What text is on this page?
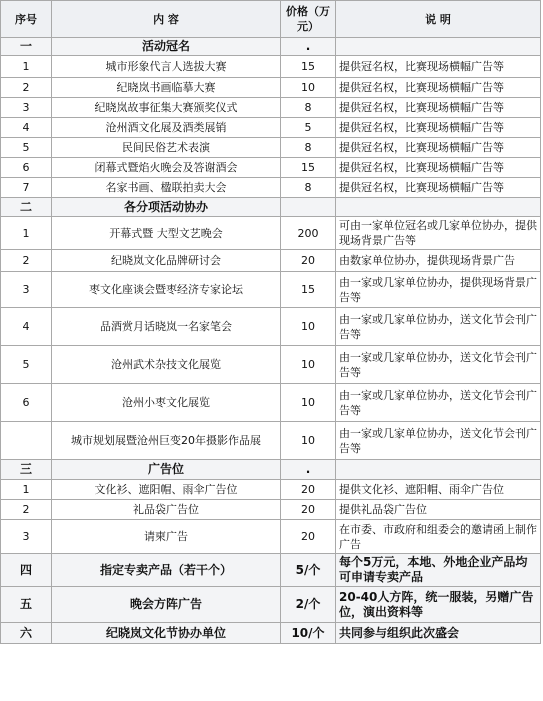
序号	内 容	价格（万元）	说 明
一	活动冠名	.	
1	城市形象代言人选拔大赛	15	提供冠名权，比赛现场横幅广告等
2	纪晓岚书画临摹大赛	10	提供冠名权，比赛现场横幅广告等
3	纪晓岚故事征集大赛颁奖仪式	8	提供冠名权，比赛现场横幅广告等
4	沧州酒文化展及酒类展销	5	提供冠名权，比赛现场横幅广告等
5	民间民俗艺术表演	8	提供冠名权，比赛现场横幅广告等
6	闭幕式暨焰火晚会及答谢酒会	15	提供冠名权，比赛现场横幅广告等
7	名家书画、楹联拍卖大会	8	提供冠名权，比赛现场横幅广告等
二	各分项活动协办		
1	开幕式暨 大型文艺晚会	200	可由一家单位冠名或几家单位协办，提供现场背景广告等
2	纪晓岚文化品牌研讨会	20	由数家单位协办，提供现场背景广告
3	枣文化座谈会暨枣经济专家论坛	15	由一家或几家单位协办，提供现场背景广告等
4	品酒赏月话晓岚一名家笔会	10	由一家或几家单位协办，送文化节会刊广告等
5	沧州武术杂技文化展览	10	由一家或几家单位协办，送文化节会刊广告等
6	沧州小枣文化展览	10	由一家或几家单位协办，送文化节会刊广告等
	城市规划展暨沧州巨变20年摄影作品展	10	由一家或几家单位协办，送文化节会刊广告等
三	广告位	.	
1	文化衫、遮阳帽、雨伞广告位	20	提供文化衫、遮阳帽、雨伞广告位
2	礼品袋广告位	20	提供礼品袋广告位
3	请柬广告	20	在市委、市政府和组委会的邀请函上制作广告
四	指定专卖产品（若干个）	5/个	每个5万元，本地、外地企业产品均可申请专卖产品
五	晚会方阵广告	2/个	20-40人方阵，统一服装，另赠广告位，演出资料等
六	纪晓岚文化节协办单位	10/个	共同参与组织此次盛会
